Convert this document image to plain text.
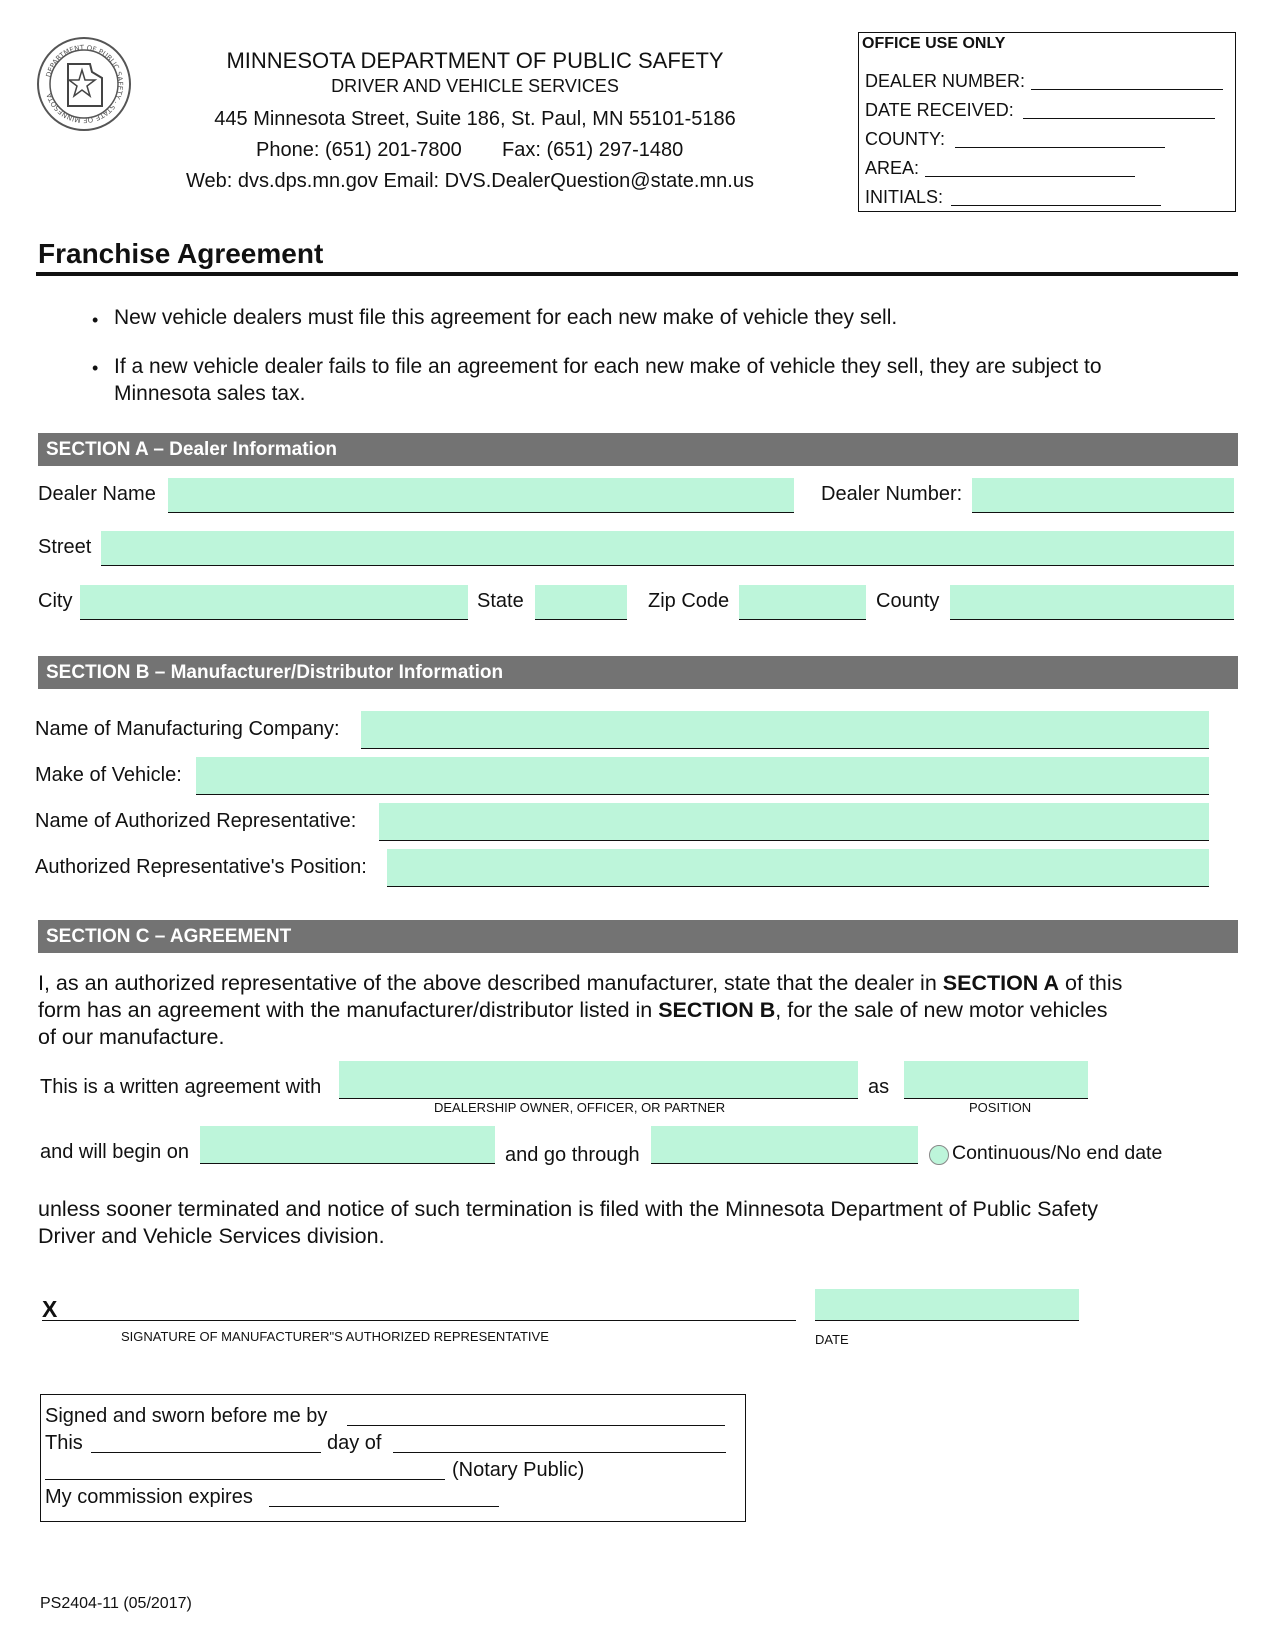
DEPARTMENT OF PUBLIC SAFETY · STATE OF MINNESOTA
MINNESOTA DEPARTMENT OF PUBLIC SAFETY
DRIVER AND VEHICLE SERVICES
445 Minnesota Street, Suite 186, St. Paul, MN 55101-5186
Phone: (651) 201-7800 Fax: (651) 297-1480
Web: dvs.dps.mn.gov Email: DVS.DealerQuestion@state.mn.us
OFFICE USE ONLY
DEALER NUMBER:
DATE RECEIVED:
COUNTY:
AREA:
INITIALS:
Franchise Agreement
• New vehicle dealers must file this agreement for each new make of vehicle they sell.
• If a new vehicle dealer fails to file an agreement for each new make of vehicle they sell, they are subject to
Minnesota sales tax.
SECTION A – Dealer Information
Dealer Name	Dealer Number:
Street
City	State	Zip Code	County
SECTION B – Manufacturer/Distributor Information
Name of Manufacturing Company:
Make of Vehicle:
Name of Authorized Representative:
Authorized Representative's Position:
SECTION C – AGREEMENT
I, as an authorized representative of the above described manufacturer, state that the dealer in SECTION A of this
form has an agreement with the manufacturer/distributor listed in SECTION B, for the sale of new motor vehicles
of our manufacture.
This is a written agreement with	as
DEALERSHIP OWNER, OFFICER, OR PARTNER	POSITION
and will begin on	and go through	Continuous/No end date
unless sooner terminated and notice of such termination is filed with the Minnesota Department of Public Safety
Driver and Vehicle Services division.
X
SIGNATURE OF MANUFACTURER"S AUTHORIZED REPRESENTATIVE	DATE
Signed and sworn before me by
This	day of
(Notary Public)
My commission expires
PS2404-11 (05/2017)
